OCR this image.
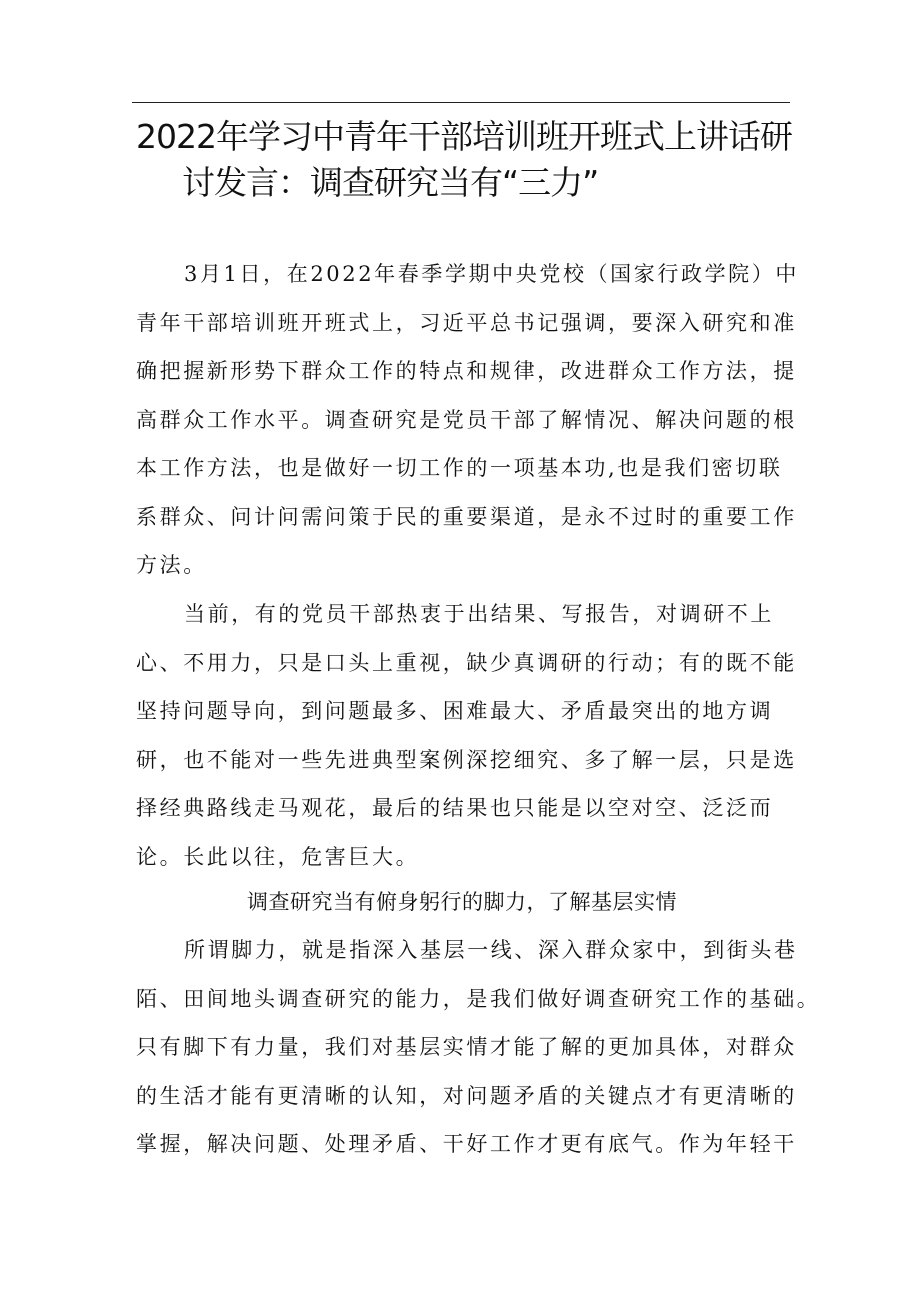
2022年学习中青年干部培训班开班式上讲话研
讨发言：调查研究当有“三力”
3月1日，在2022年春季学期中央党校（国家行政学院）中
青年干部培训班开班式上，习近平总书记强调，要深入研究和准
确把握新形势下群众工作的特点和规律，改进群众工作方法，提
高群众工作水平。调查研究是党员干部了解情况、解决问题的根
本工作方法，也是做好一切工作的一项基本功,也是我们密切联
系群众、问计问需问策于民的重要渠道，是永不过时的重要工作
方法。
当前，有的党员干部热衷于出结果、写报告，对调研不上
心、不用力，只是口头上重视，缺少真调研的行动；有的既不能
坚持问题导向，到问题最多、困难最大、矛盾最突出的地方调
研，也不能对一些先进典型案例深挖细究、多了解一层，只是选
择经典路线走马观花，最后的结果也只能是以空对空、泛泛而
论。长此以往，危害巨大。
调查研究当有俯身躬行的脚力，了解基层实情
所谓脚力，就是指深入基层一线、深入群众家中，到街头巷
陌、田间地头调查研究的能力，是我们做好调查研究工作的基础。
只有脚下有力量，我们对基层实情才能了解的更加具体，对群众
的生活才能有更清晰的认知，对问题矛盾的关键点才有更清晰的
掌握，解决问题、处理矛盾、干好工作才更有底气。作为年轻干
